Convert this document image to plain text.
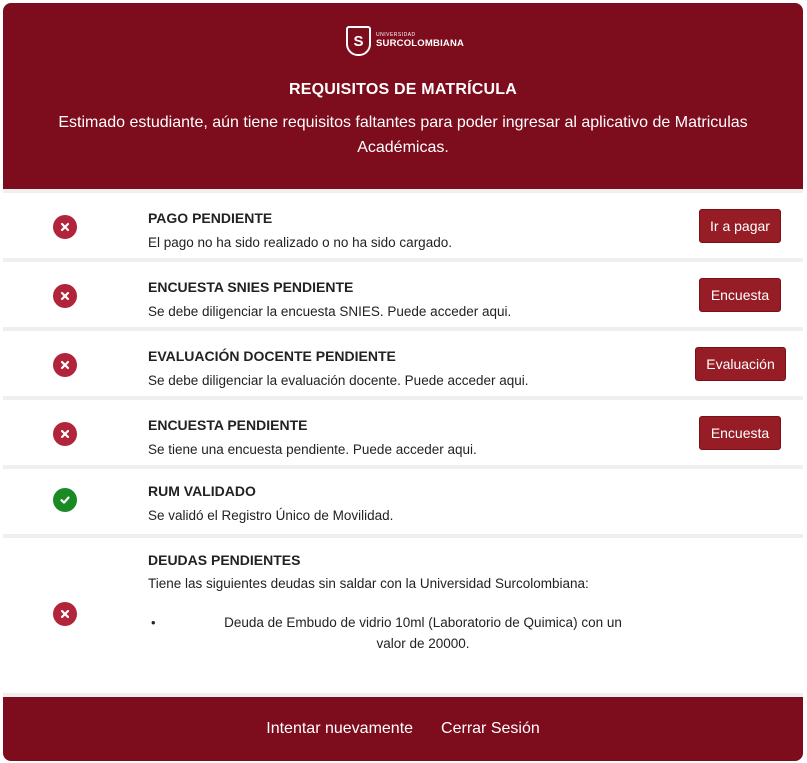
S	UNIVERSIDAD
SURCOLOMBIANA
REQUISITOS DE MATRÍCULA

Estimado estudiante, aún tiene requisitos faltantes para poder ingresar al aplicativo de Matriculas Académicas.

PAGO PENDIENTE
El pago no ha sido realizado o no ha sido cargado.
Ir a pagar
ENCUESTA SNIES PENDIENTE
Se debe diligenciar la encuesta SNIES. Puede acceder aqui.
Encuesta
EVALUACIÓN DOCENTE PENDIENTE
Se debe diligenciar la evaluación docente. Puede acceder aqui.
Evaluación
ENCUESTA PENDIENTE
Se tiene una encuesta pendiente. Puede acceder aqui.
Encuesta
RUM VALIDADO
Se validó el Registro Único de Movilidad.
DEUDAS PENDIENTES
Tiene las siguientes deudas sin saldar con la Universidad Surcolombiana:
•	Deuda de Embudo de vidrio 10ml (Laboratorio de Quimica) con un valor de 20000.
Intentar nuevamente Cerrar Sesión
